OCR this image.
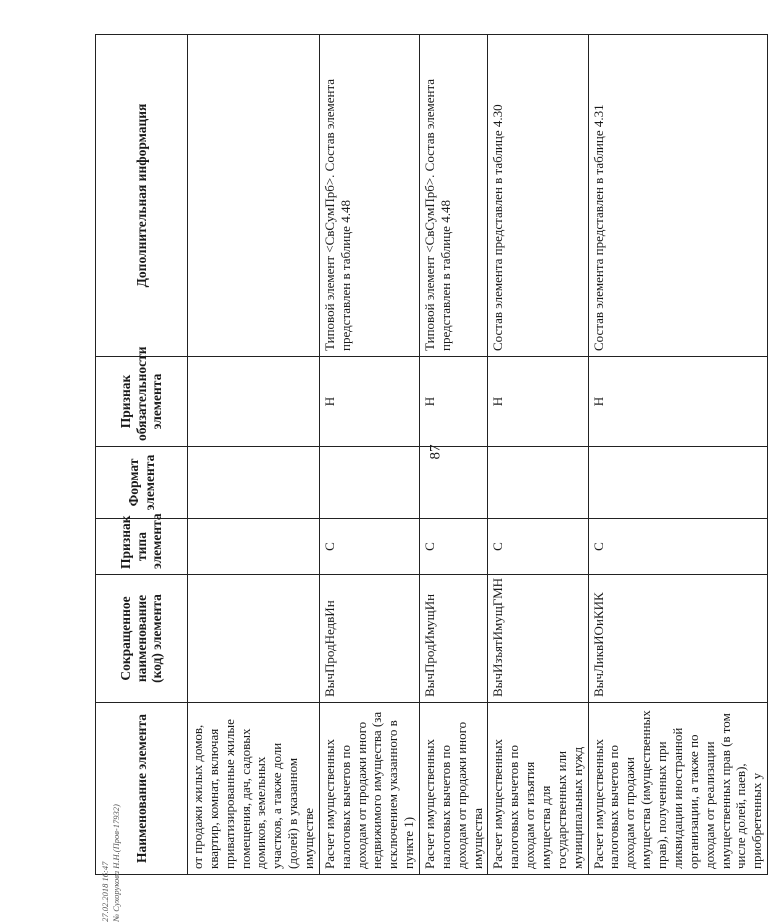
87
Наименование элемента	Сокращенное наименование (код) элемента	Признак типа элемента	Формат элемента	Признак обязательности элемента	Дополнительная информация
от продажи жилых домов, квартир, комнат, включая приватизированные жилые помещения, дач, садовых домиков, земельных участков, а также доли (долей) в указанном имуществе					
Расчет имущественных налоговых вычетов по доходам от продажи иного недвижимого имущества (за исключением указанного в пункте 1)	ВычПродНедвИн	С		Н	Типовой элемент <СвСумПрб>. Состав элемента представлен в таблице 4.48
Расчет имущественных налоговых вычетов по доходам от продажи иного имущества	ВычПродИмущИн	С		Н	Типовой элемент <СвСумПрб>. Состав элемента представлен в таблице 4.48
Расчет имущественных налоговых вычетов по доходам от изъятия имущества для государственных или муниципальных нужд	ВычИзъятИмущГМН	С		Н	Состав элемента представлен в таблице 4.30
Расчет имущественных налоговых вычетов по доходам от продажи имущества (имущественных прав), полученных при ликвидации иностранной организации, а также по доходам от реализации имущественных прав (в том числе долей, паев), приобретенных у	ВычЛиквИОиКИК	С		Н	Состав элемента представлен в таблице 4.31
27.02.2018 16:47 № Сухорукова Н.Н.(Пров-17932)
